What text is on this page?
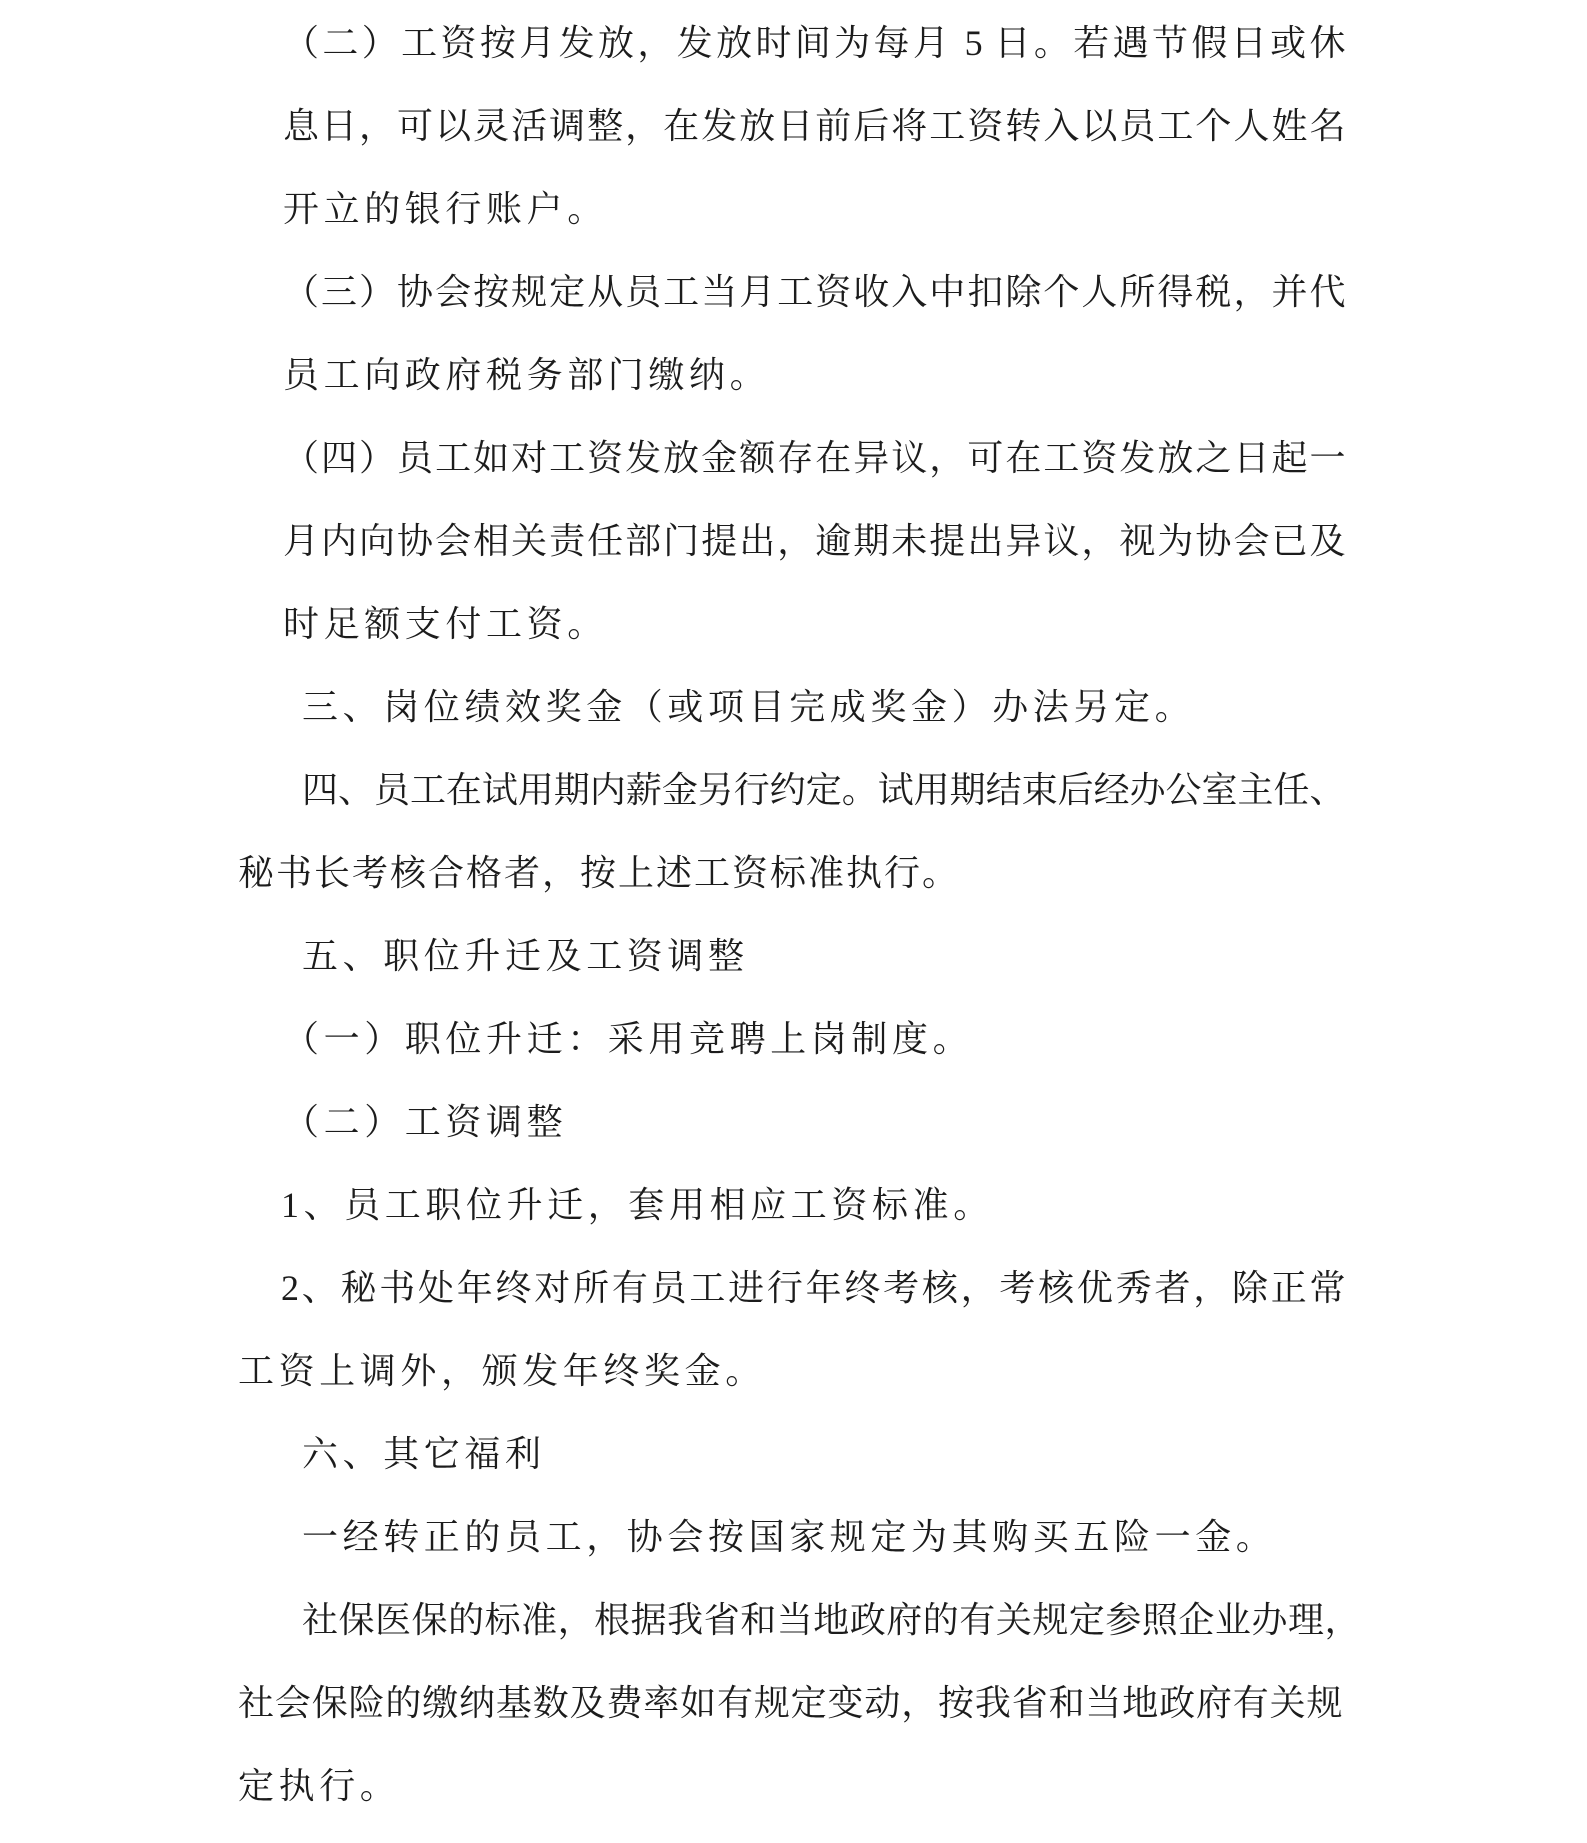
（二）工资按月发放，发放时间为每月 5 日。若遇节假日或休
息日，可以灵活调整，在发放日前后将工资转入以员工个人姓名
开立的银行账户。
（三）协会按规定从员工当月工资收入中扣除个人所得税，并代
员工向政府税务部门缴纳。
（四）员工如对工资发放金额存在异议，可在工资发放之日起一
月内向协会相关责任部门提出，逾期未提出异议，视为协会已及
时足额支付工资。
三、岗位绩效奖金（或项目完成奖金）办法另定。
四、员工在试用期内薪金另行约定。试用期结束后经办公室主任、
秘书长考核合格者，按上述工资标准执行。
五、职位升迁及工资调整
（一）职位升迁：采用竞聘上岗制度。
（二）工资调整
1、员工职位升迁，套用相应工资标准。
2、秘书处年终对所有员工进行年终考核，考核优秀者，除正常
工资上调外，颁发年终奖金。
六、其它福利
一经转正的员工，协会按国家规定为其购买五险一金。
社保医保的标准，根据我省和当地政府的有关规定参照企业办理，
社会保险的缴纳基数及费率如有规定变动，按我省和当地政府有关规
定执行。
